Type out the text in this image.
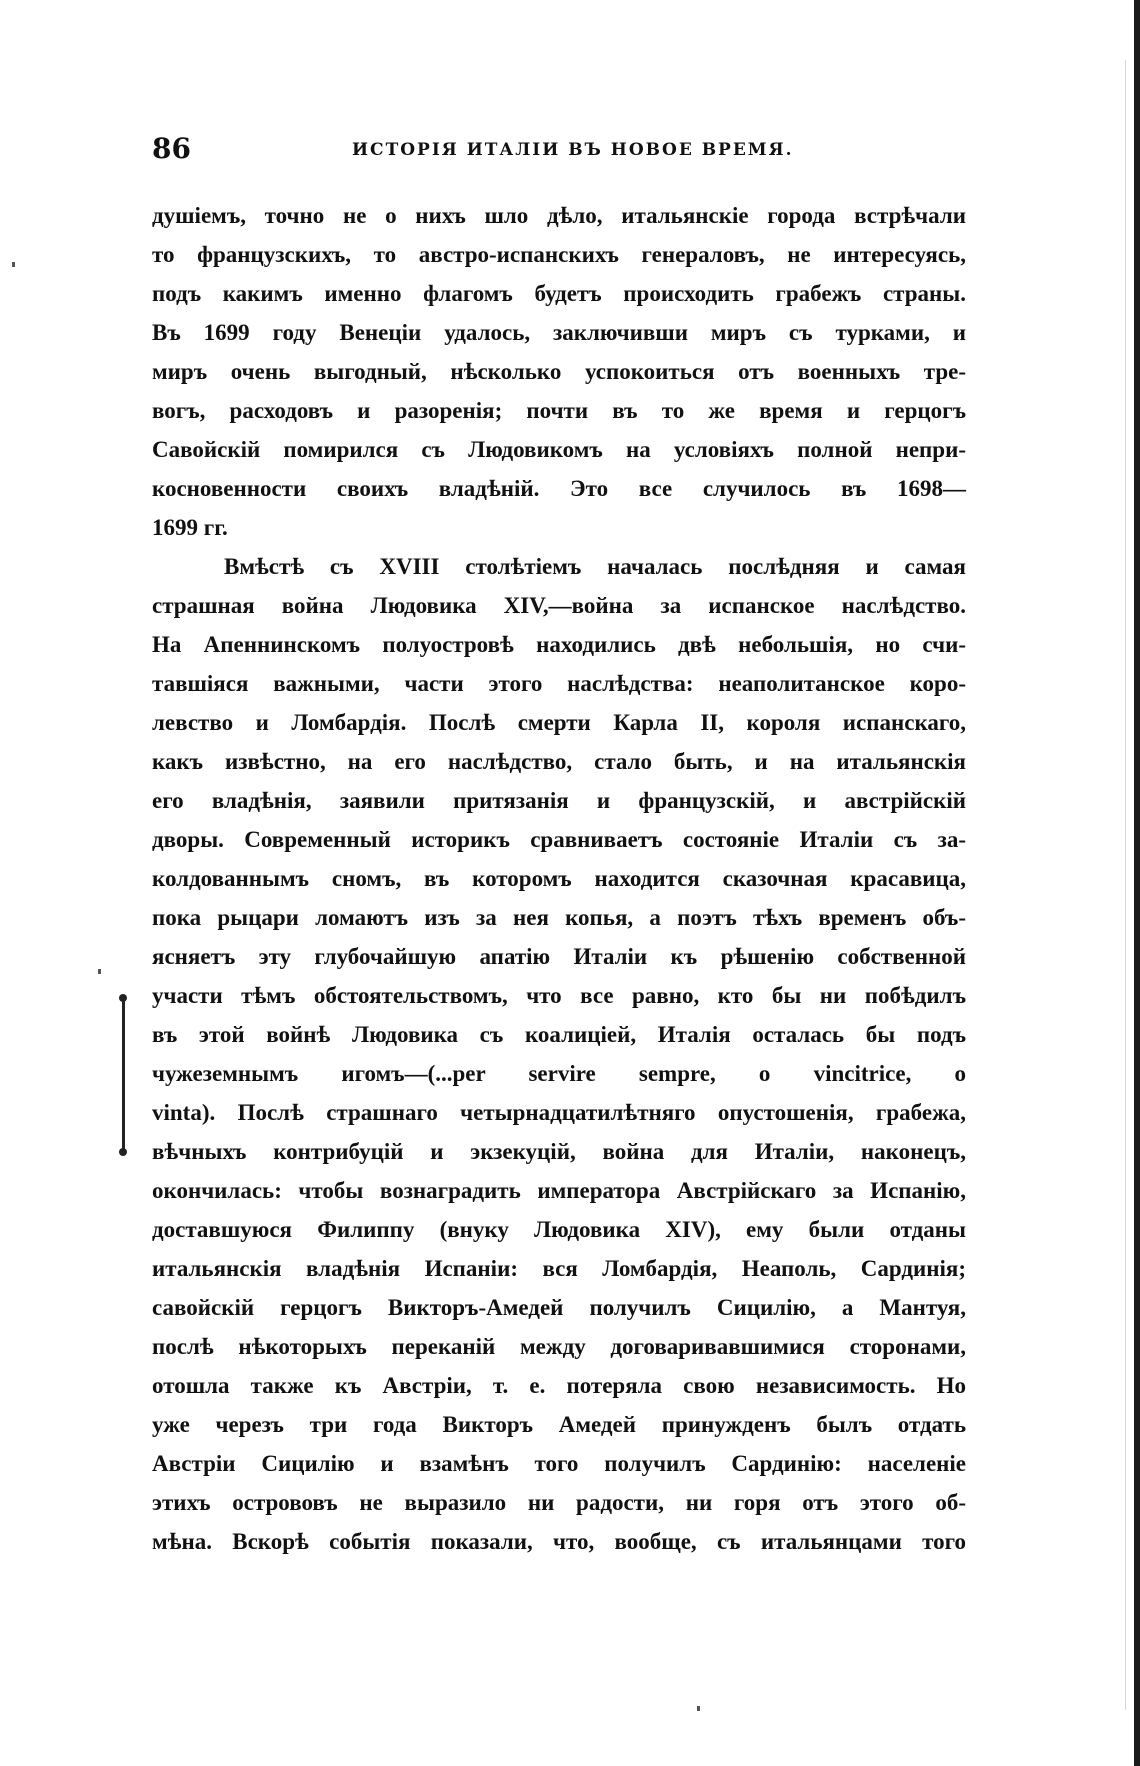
86	ИСТОРІЯ ИТАЛІИ ВЪ НОВОЕ ВРЕМЯ.
душіемъ, точно не о нихъ шло дѣло, итальянскіе города встрѣчали
то французскихъ, то австро-испанскихъ генераловъ, не интересуясь,
подъ какимъ именно флагомъ будетъ происходить грабежъ страны.
Въ 1699 году Венеціи удалось, заключивши миръ съ турками, и
миръ очень выгодный, нѣсколько успокоиться отъ военныхъ тре-
вогъ, расходовъ и разоренія; почти въ то же время и герцогъ
Савойскій помирился съ Людовикомъ на условіяхъ полной непри-
косновенности своихъ владѣній. Это все случилось въ 1698—
1699 гг.
Вмѣстѣ съ XVIII столѣтіемъ началась послѣдняя и самая
страшная война Людовика XIV,—война за испанское наслѣдство.
На Апеннинскомъ полуостровѣ находились двѣ небольшія, но счи-
тавшіяся важными, части этого наслѣдства: неаполитанское коро-
левство и Ломбардія. Послѣ смерти Карла II, короля испанскаго,
какъ извѣстно, на его наслѣдство, стало быть, и на итальянскія
его владѣнія, заявили притязанія и французскій, и австрійскій
дворы. Современный историкъ сравниваетъ состояніе Италіи съ за-
колдованнымъ сномъ, въ которомъ находится сказочная красавица,
пока рыцари ломаютъ изъ за нея копья, а поэтъ тѣхъ временъ объ-
ясняетъ эту глубочайшую апатію Италіи къ рѣшенію собственной
участи тѣмъ обстоятельствомъ, что все равно, кто бы ни побѣдилъ
въ этой войнѣ Людовика съ коалиціей, Италія осталась бы подъ
чужеземнымъ игомъ—(...per servire sempre, o vincitrice, o
vinta). Послѣ страшнаго четырнадцатилѣтняго опустошенія, грабежа,
вѣчныхъ контрибуцій и экзекуцій, война для Италіи, наконецъ,
окончилась: чтобы вознаградить императора Австрійскаго за Испанію,
доставшуюся Филиппу (внуку Людовика XIV), ему были отданы
итальянскія владѣнія Испаніи: вся Ломбардія, Неаполь, Сардинія;
савойскій герцогъ Викторъ-Амедей получилъ Сицилію, а Мантуя,
послѣ нѣкоторыхъ переканій между договаривавшимися сторонами,
отошла также къ Австріи, т. е. потеряла свою независимость. Но
уже черезъ три года Викторъ Амедей принужденъ былъ отдать
Австріи Сицилію и взамѣнъ того получилъ Сардинію: населеніе
этихъ острововъ не выразило ни радости, ни горя отъ этого об-
мѣна. Вскорѣ событія показали, что, вообще, съ итальянцами того
